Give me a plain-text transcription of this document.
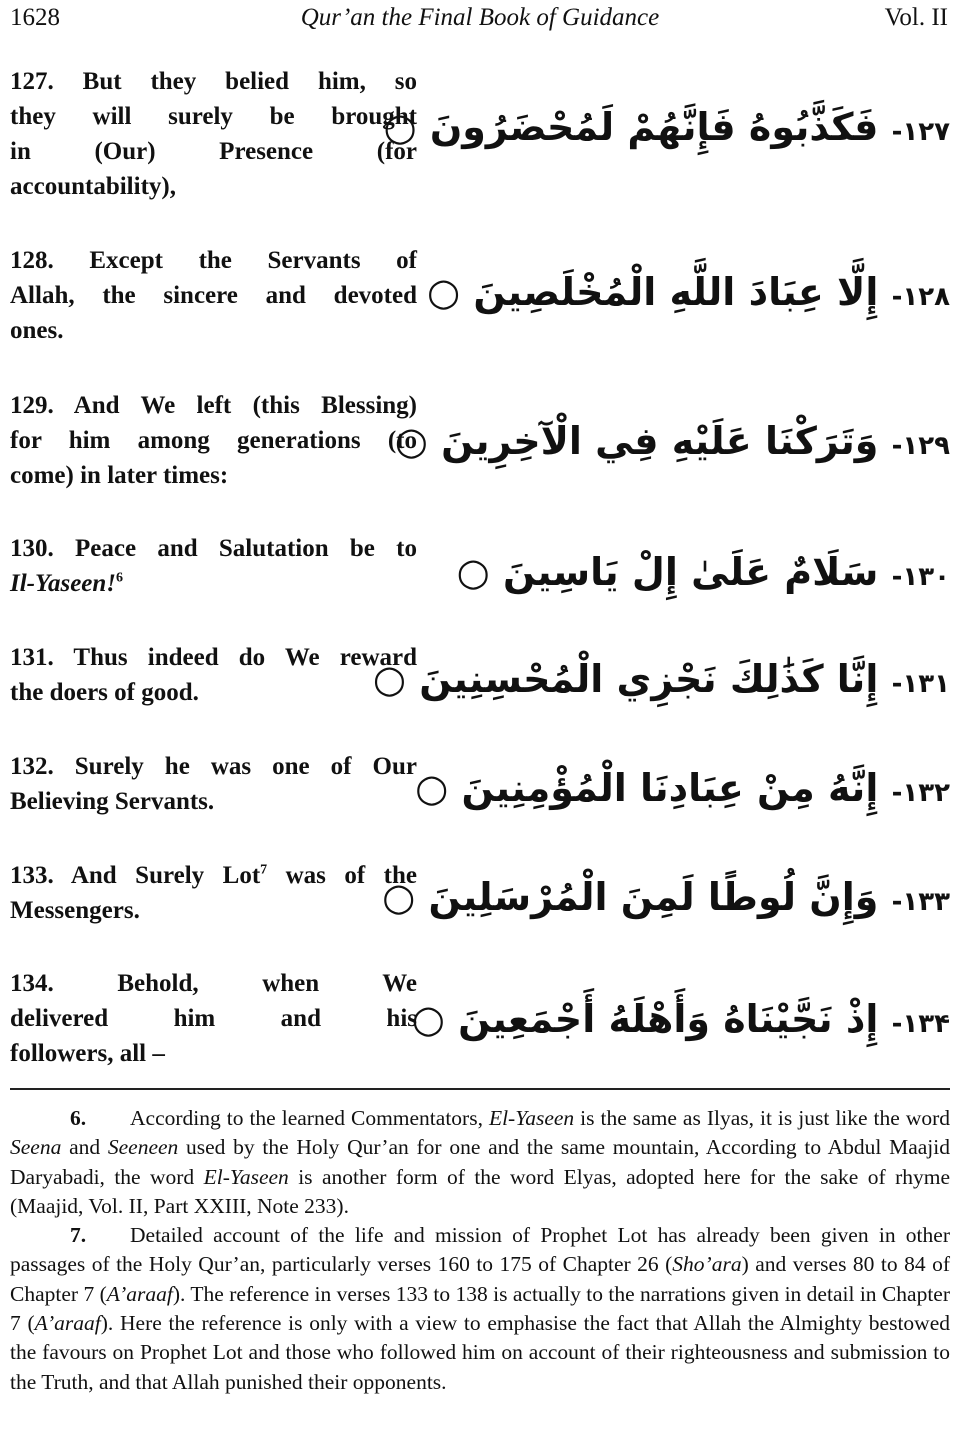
1628	Qur’an the Final Book of Guidance	Vol. II
127. But they belied him, so
they will surely be brought
in (Our) Presence (for
accountability),
۱۲۷- فَكَذَّبُوهُ فَإِنَّهُمْ لَمُحْضَرُونَ ○
128. Except the Servants of
Allah, the sincere and devoted
ones.
۱۲۸- إِلَّا عِبَادَ اللَّهِ الْمُخْلَصِينَ ○
129. And We left (this Blessing)
for him among generations (to
come) in later times:
۱۲۹- وَتَرَكْنَا عَلَيْهِ فِي الْآخِرِينَ ○
130. Peace and Salutation be to
Il-Yaseen!$^6$	۱۳۰- سَلَامٌ عَلَىٰ إِلْ يَاسِينَ ○
131. Thus indeed do We reward
the doers of good.	۱۳۱- إِنَّا كَذَٰلِكَ نَجْزِي الْمُحْسِنِينَ ○
132. Surely he was one of Our
Believing Servants.	۱۳۲- إِنَّهُ مِنْ عِبَادِنَا الْمُؤْمِنِينَ ○
133. And Surely Lot$^7$ was of the
Messengers.	۱۳۳- وَإِنَّ لُوطًا لَمِنَ الْمُرْسَلِينَ ○
134. Behold, when We
delivered him and his
followers, all –
۱۳۴- إِذْ نَجَّيْنَاهُ وَأَهْلَهُ أَجْمَعِينَ ○

6. According to the learned Commentators, El-Yaseen is the same as Ilyas, it is just like the word Seena and Seeneen used by the Holy Qur’an for one and the same mountain, According to Abdul Maajid Daryabadi, the word El-Yaseen is another form of the word Elyas, adopted here for the sake of rhyme (Maajid, Vol. II, Part XXIII, Note 233).

7. Detailed account of the life and mission of Prophet Lot has already been given in other passages of the Holy Qur’an, particularly verses 160 to 175 of Chapter 26 (Sho’ara) and verses 80 to 84 of Chapter 7 (A’araaf). The reference in verses 133 to 138 is actually to the narrations given in detail in Chapter 7 (A’araaf). Here the reference is only with a view to emphasise the fact that Allah the Almighty bestowed the favours on Prophet Lot and those who followed him on account of their righteousness and submission to the Truth, and that Allah punished their opponents.
